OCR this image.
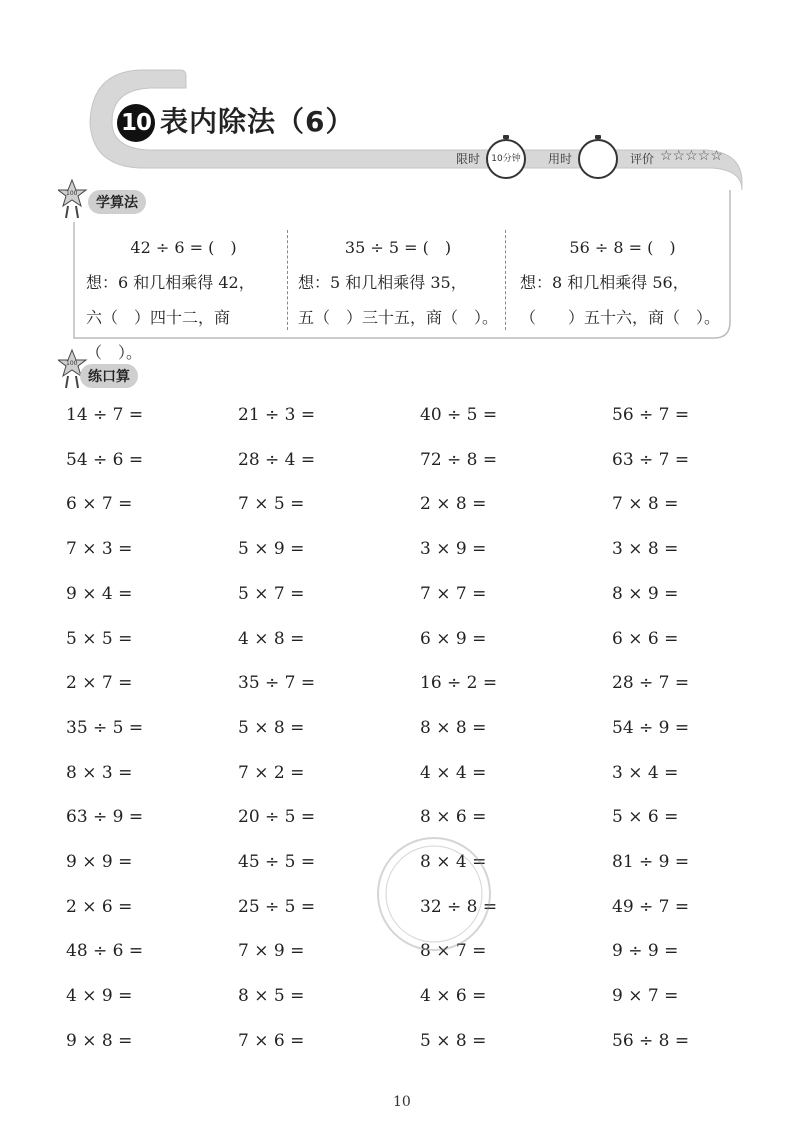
10 表内除法（6）
限时	10分钟	用时	评价 ☆☆☆☆☆
100
学算法
42 ÷ 6 = (　)
想：6 和几相乘得 42，
六（　）四十二，商（　）。
35 ÷ 5 = (　)
想：5 和几相乘得 35，
五（　）三十五，商（　）。
56 ÷ 8 = (　)
想：8 和几相乘得 56，
（　　）五十六，商（　）。
100
练口算
14 ÷ 7 =	21 ÷ 3 =	40 ÷ 5 =	56 ÷ 7 =
54 ÷ 6 =	28 ÷ 4 =	72 ÷ 8 =	63 ÷ 7 =
6 × 7 =	7 × 5 =	2 × 8 =	7 × 8 =
7 × 3 =	5 × 9 =	3 × 9 =	3 × 8 =
9 × 4 =	5 × 7 =	7 × 7 =	8 × 9 =
5 × 5 =	4 × 8 =	6 × 9 =	6 × 6 =
2 × 7 =	35 ÷ 7 =	16 ÷ 2 =	28 ÷ 7 =
35 ÷ 5 =	5 × 8 =	8 × 8 =	54 ÷ 9 =
8 × 3 =	7 × 2 =	4 × 4 =	3 × 4 =
63 ÷ 9 =	20 ÷ 5 =	8 × 6 =	5 × 6 =
9 × 9 =	45 ÷ 5 =	8 × 4 =	81 ÷ 9 =
2 × 6 =	25 ÷ 5 =	32 ÷ 8 =	49 ÷ 7 =
48 ÷ 6 =	7 × 9 =	8 × 7 =	9 ÷ 9 =
4 × 9 =	8 × 5 =	4 × 6 =	9 × 7 =
9 × 8 =	7 × 6 =	5 × 8 =	56 ÷ 8 =
10
